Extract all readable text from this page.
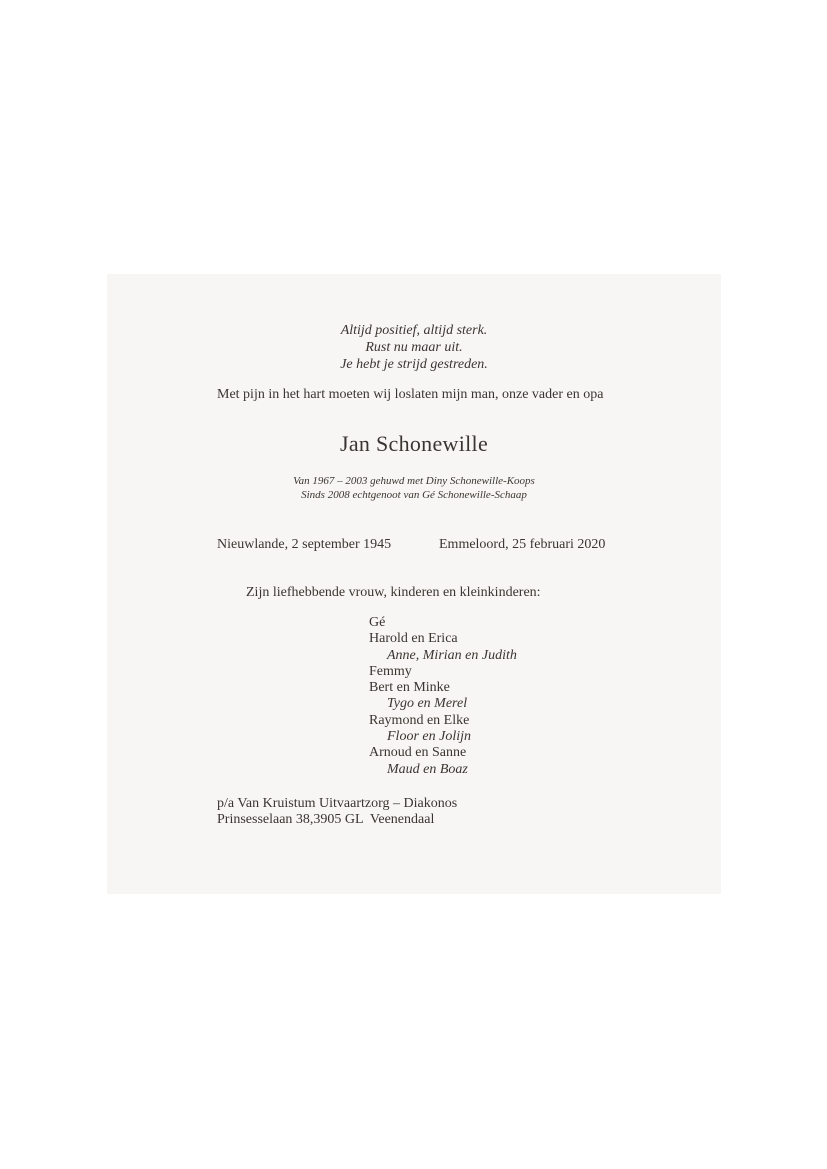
Altijd positief, altijd sterk.
Rust nu maar uit.
Je hebt je strijd gestreden.
Met pijn in het hart moeten wij loslaten mijn man, onze vader en opa
Jan Schonewille
Van 1967 – 2003 gehuwd met Diny Schonewille-Koops
Sinds 2008 echtgenoot van Gé Schonewille-Schaap
Nieuwlande, 2 september 1945	Emmeloord, 25 februari 2020
Zijn liefhebbende vrouw, kinderen en kleinkinderen:
Gé
Harold en Erica
Anne, Mirian en Judith
Femmy
Bert en Minke
Tygo en Merel
Raymond en Elke
Floor en Jolijn
Arnoud en Sanne
Maud en Boaz
p/a Van Kruistum Uitvaartzorg – Diakonos
Prinsesselaan 38,3905 GL  Veenendaal
